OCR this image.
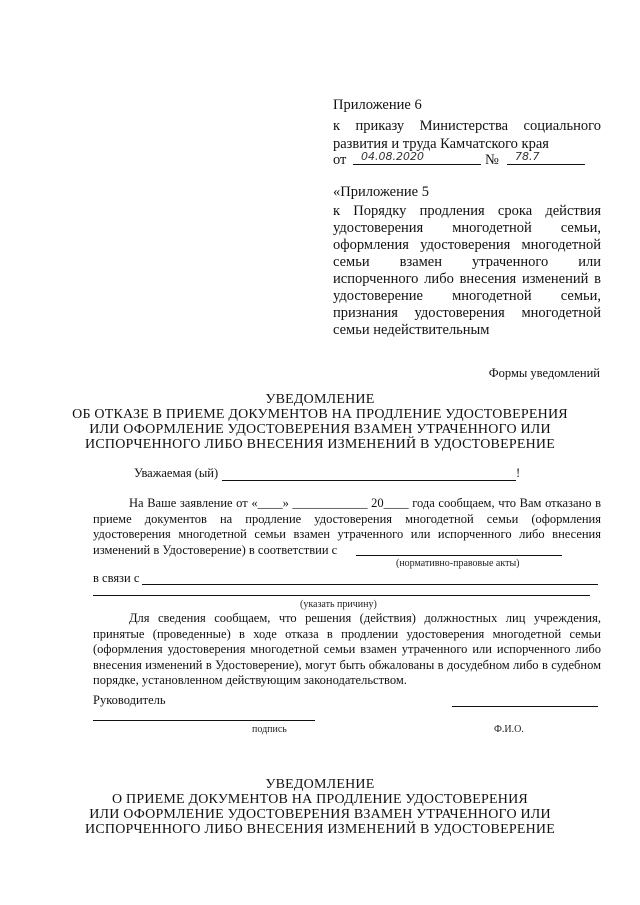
Приложение 6
к приказу Министерства социального
развития и труда Камчатского края
от 04.08.2020	№ 78.7
«Приложение 5
к Порядку продления срока действия
удостоверения многодетной семьи,
оформления удостоверения многодетной
семьи взамен утраченного или
испорченного либо внесения изменений в
удостоверение многодетной семьи,
признания удостоверения многодетной
семьи недействительным
Формы уведомлений
УВЕДОМЛЕНИЕ
ОБ ОТКАЗЕ В ПРИЕМЕ ДОКУМЕНТОВ НА ПРОДЛЕНИЕ УДОСТОВЕРЕНИЯ
ИЛИ ОФОРМЛЕНИЕ УДОСТОВЕРЕНИЯ ВЗАМЕН УТРАЧЕННОГО ИЛИ
ИСПОРЧЕННОГО ЛИБО ВНЕСЕНИЯ ИЗМЕНЕНИЙ В УДОСТОВЕРЕНИЕ
Уважаемая (ый)	!
На Ваше заявление от «____» ____________ 20____ года сообщаем, что Вам отказано в приеме документов на продление удостоверения многодетной семьи (оформления удостоверения многодетной семьи взамен утраченного или испорченного либо внесения изменений в Удостоверение) в соответствии с
(нормативно-правовые акты)
в связи с
(указать причину)
Для сведения сообщаем, что решения (действия) должностных лиц учреждения, принятые (проведенные) в ходе отказа в продлении удостоверения многодетной семьи (оформления удостоверения многодетной семьи взамен утраченного или испорченного либо внесения изменений в Удостоверение), могут быть обжалованы в досудебном либо в судебном порядке, установленном действующим законодательством.
Руководитель
подпись	Ф.И.О.
УВЕДОМЛЕНИЕ
О ПРИЕМЕ ДОКУМЕНТОВ НА ПРОДЛЕНИЕ УДОСТОВЕРЕНИЯ
ИЛИ ОФОРМЛЕНИЕ УДОСТОВЕРЕНИЯ ВЗАМЕН УТРАЧЕННОГО ИЛИ
ИСПОРЧЕННОГО ЛИБО ВНЕСЕНИЯ ИЗМЕНЕНИЙ В УДОСТОВЕРЕНИЕ
